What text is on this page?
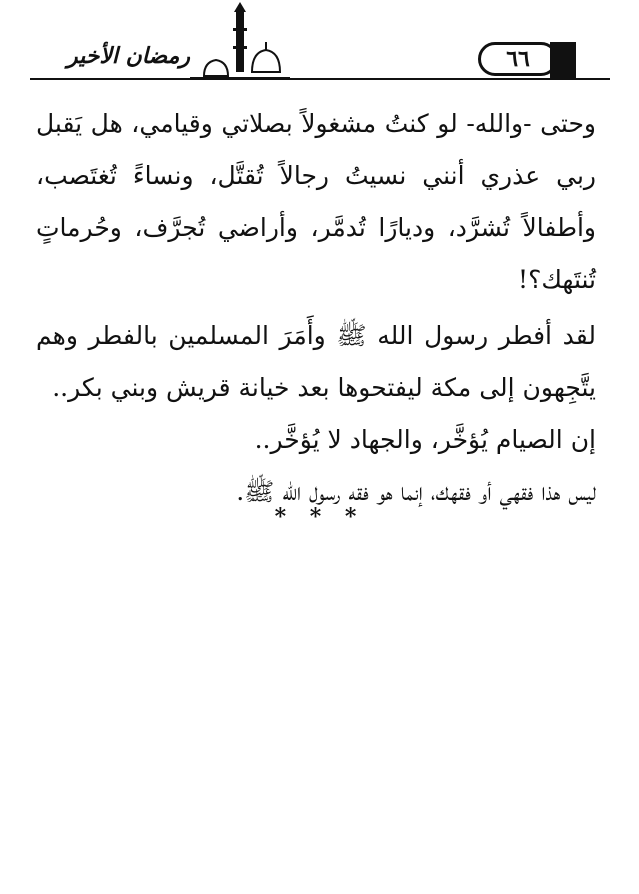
رمضان الأخير	٦٦

وحتى -والله- لو كنتُ مشغولاً بصلاتي وقيامي، هل يَقبل ربي عذري أنني نسيتُ رجالاً تُقتَّل، ونساءً تُغتَصب، وأطفالاً تُشرَّد، وديارًا تُدمَّر، وأراضي تُجرَّف، وحُرماتٍ تُنتَهك؟!

لقد أفطر رسول الله ﷺ وأَمَرَ المسلمين بالفطر وهم يتَّجِهون إلى مكة ليفتحوها بعد خيانة قريش وبني بكر..

إن الصيام يُؤخَّر، والجهاد لا يُؤخَّر..

ليس هذا فقهي أو فقهك، إنما هو فقه رسول الله ﷺ.

* * *
